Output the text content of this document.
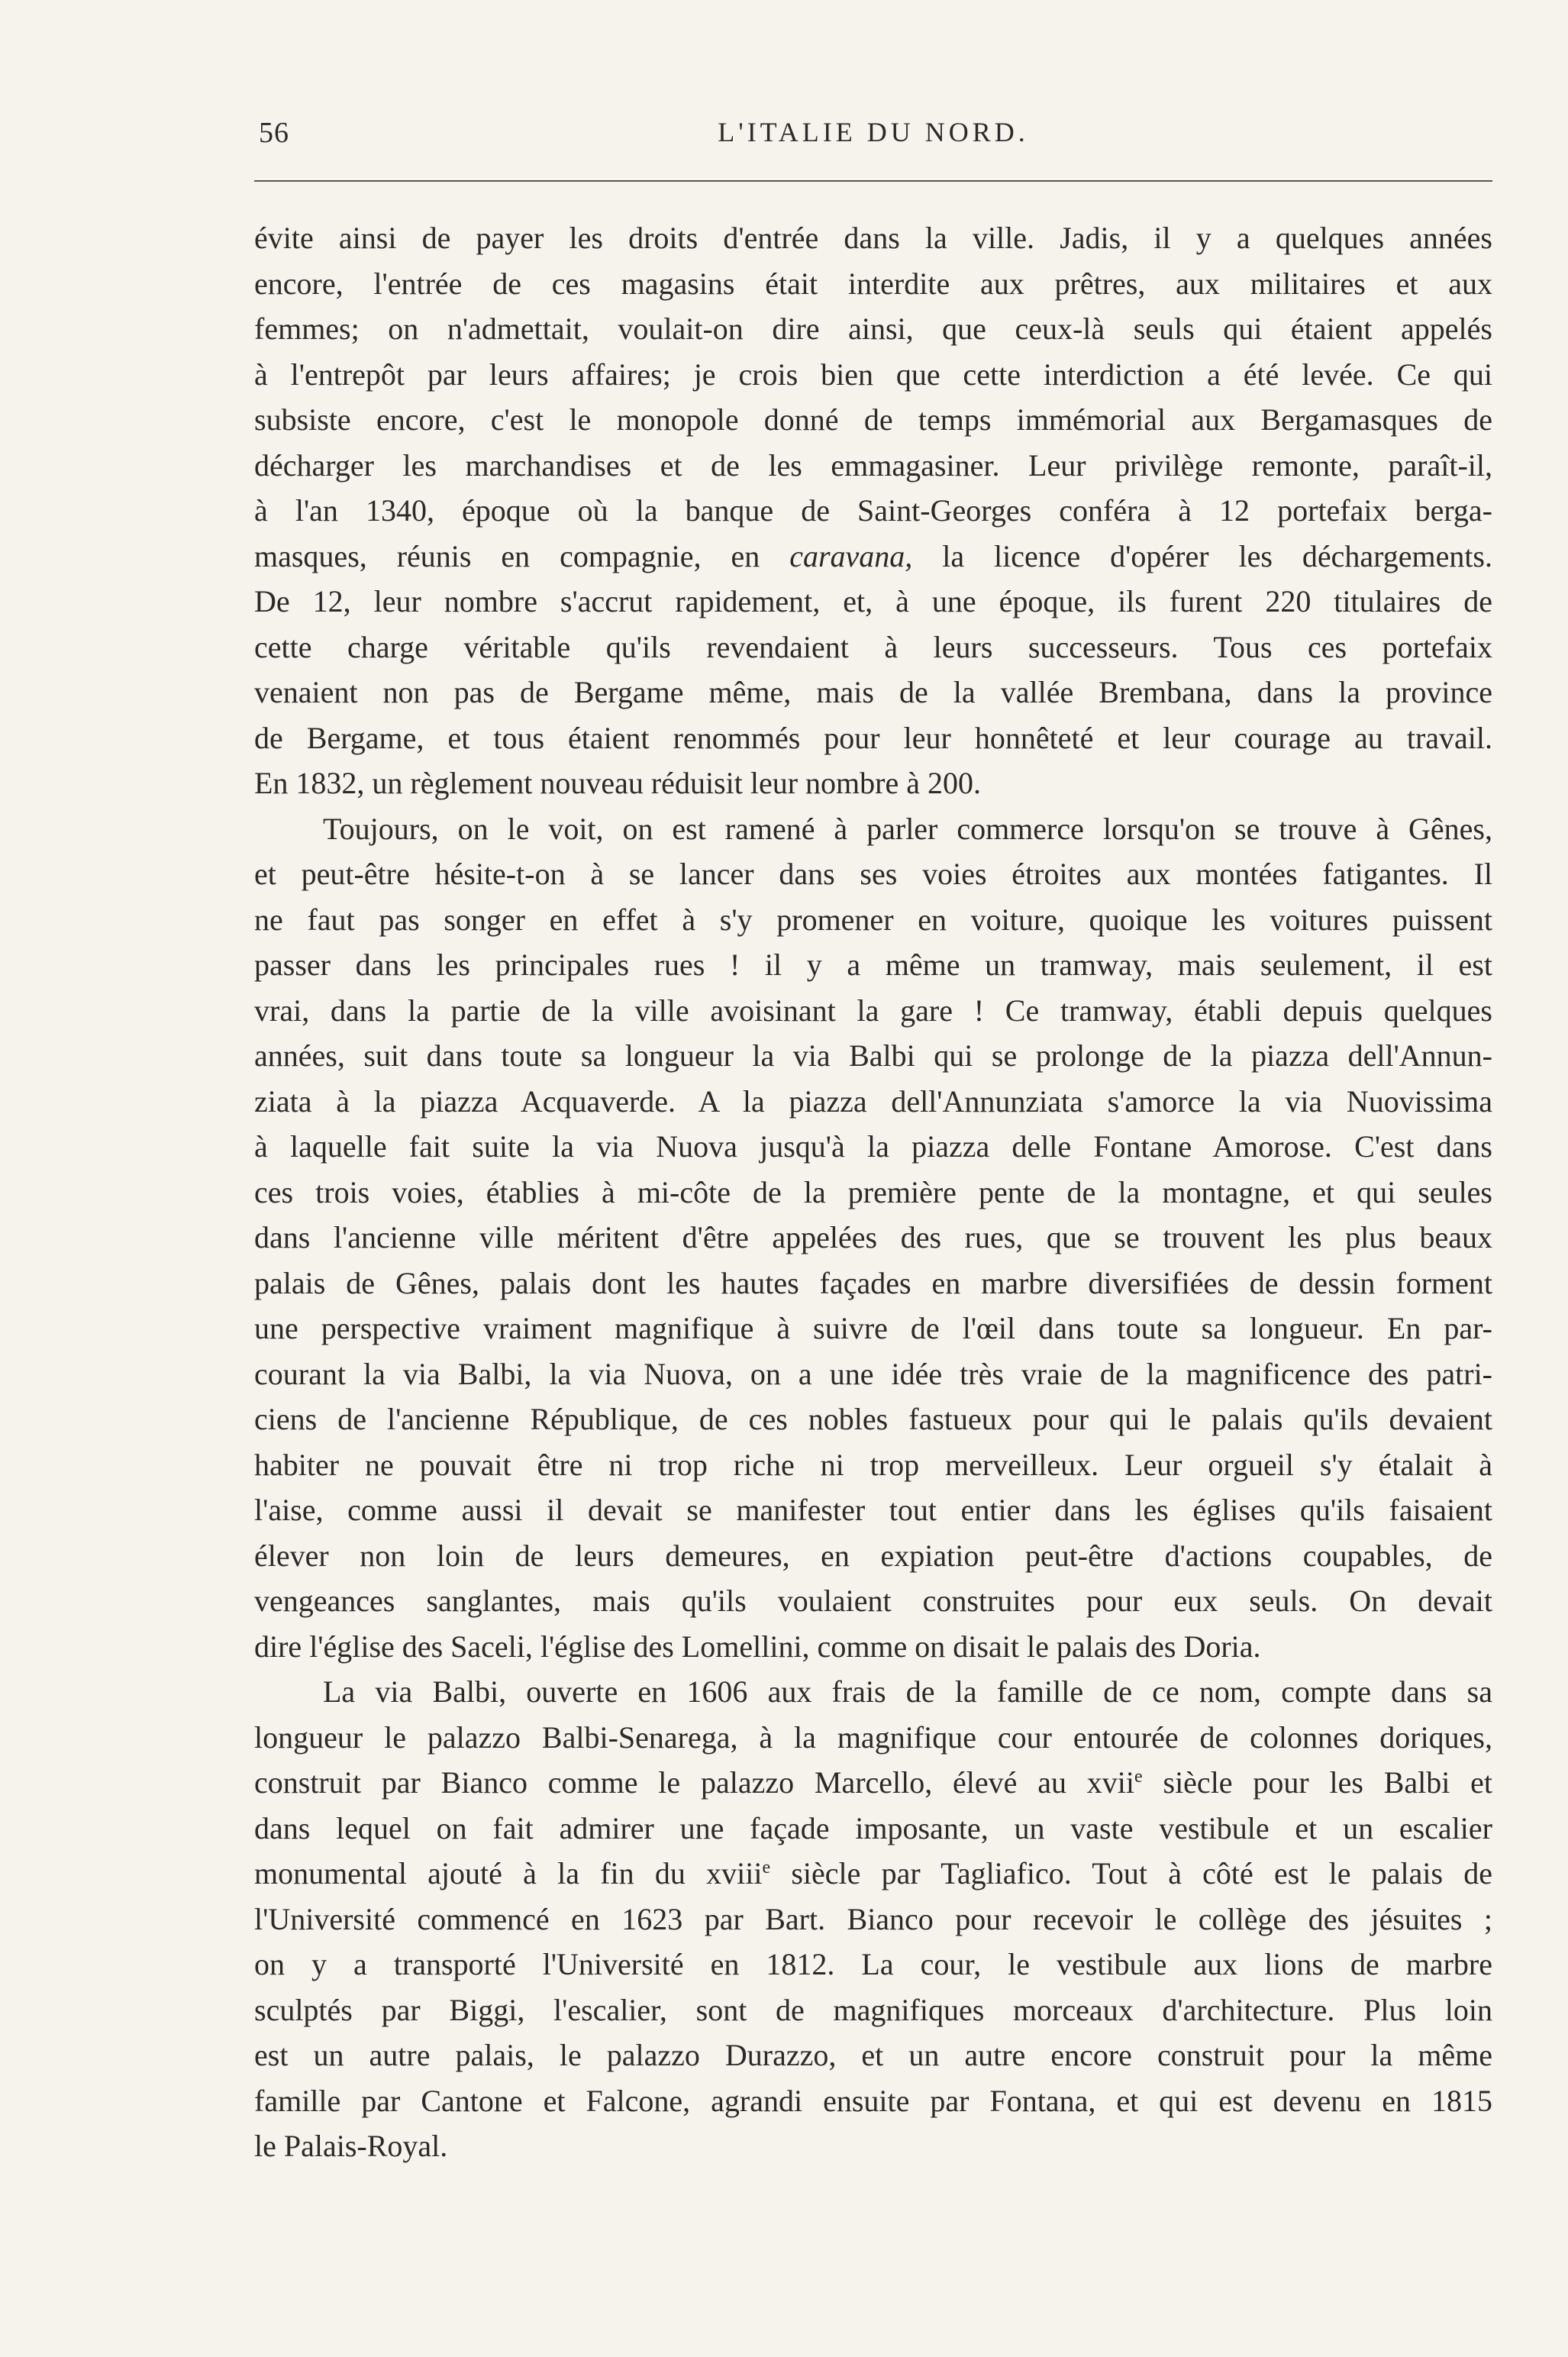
56	L'ITALIE DU NORD.
évite ainsi de payer les droits d'entrée dans la ville. Jadis, il y a quelques années
encore, l'entrée de ces magasins était interdite aux prêtres, aux militaires et aux
femmes; on n'admettait, voulait-on dire ainsi, que ceux-là seuls qui étaient appelés
à l'entrepôt par leurs affaires; je crois bien que cette interdiction a été levée. Ce qui
subsiste encore, c'est le monopole donné de temps immémorial aux Bergamasques de
décharger les marchandises et de les emmagasiner. Leur privilège remonte, paraît-il,
à l'an 1340, époque où la banque de Saint-Georges conféra à 12 portefaix berga-
masques, réunis en compagnie, en caravana, la licence d'opérer les déchargements.
De 12, leur nombre s'accrut rapidement, et, à une époque, ils furent 220 titulaires de
cette charge véritable qu'ils revendaient à leurs successeurs. Tous ces portefaix
venaient non pas de Bergame même, mais de la vallée Brembana, dans la province
de Bergame, et tous étaient renommés pour leur honnêteté et leur courage au travail.
En 1832, un règlement nouveau réduisit leur nombre à 200.
Toujours, on le voit, on est ramené à parler commerce lorsqu'on se trouve à Gênes,
et peut-être hésite-t-on à se lancer dans ses voies étroites aux montées fatigantes. Il
ne faut pas songer en effet à s'y promener en voiture, quoique les voitures puissent
passer dans les principales rues ! il y a même un tramway, mais seulement, il est
vrai, dans la partie de la ville avoisinant la gare ! Ce tramway, établi depuis quelques
années, suit dans toute sa longueur la via Balbi qui se prolonge de la piazza dell'Annun-
ziata à la piazza Acquaverde. A la piazza dell'Annunziata s'amorce la via Nuovissima
à laquelle fait suite la via Nuova jusqu'à la piazza delle Fontane Amorose. C'est dans
ces trois voies, établies à mi-côte de la première pente de la montagne, et qui seules
dans l'ancienne ville méritent d'être appelées des rues, que se trouvent les plus beaux
palais de Gênes, palais dont les hautes façades en marbre diversifiées de dessin forment
une perspective vraiment magnifique à suivre de l'œil dans toute sa longueur. En par-
courant la via Balbi, la via Nuova, on a une idée très vraie de la magnificence des patri-
ciens de l'ancienne République, de ces nobles fastueux pour qui le palais qu'ils devaient
habiter ne pouvait être ni trop riche ni trop merveilleux. Leur orgueil s'y étalait à
l'aise, comme aussi il devait se manifester tout entier dans les églises qu'ils faisaient
élever non loin de leurs demeures, en expiation peut-être d'actions coupables, de
vengeances sanglantes, mais qu'ils voulaient construites pour eux seuls. On devait
dire l'église des Saceli, l'église des Lomellini, comme on disait le palais des Doria.
La via Balbi, ouverte en 1606 aux frais de la famille de ce nom, compte dans sa
longueur le palazzo Balbi-Senarega, à la magnifique cour entourée de colonnes doriques,
construit par Bianco comme le palazzo Marcello, élevé au xvii$^e$ siècle pour les Balbi et
dans lequel on fait admirer une façade imposante, un vaste vestibule et un escalier
monumental ajouté à la fin du xviii$^e$ siècle par Tagliafico. Tout à côté est le palais de
l'Université commencé en 1623 par Bart. Bianco pour recevoir le collège des jésuites ;
on y a transporté l'Université en 1812. La cour, le vestibule aux lions de marbre
sculptés par Biggi, l'escalier, sont de magnifiques morceaux d'architecture. Plus loin
est un autre palais, le palazzo Durazzo, et un autre encore construit pour la même
famille par Cantone et Falcone, agrandi ensuite par Fontana, et qui est devenu en 1815
le Palais-Royal.
